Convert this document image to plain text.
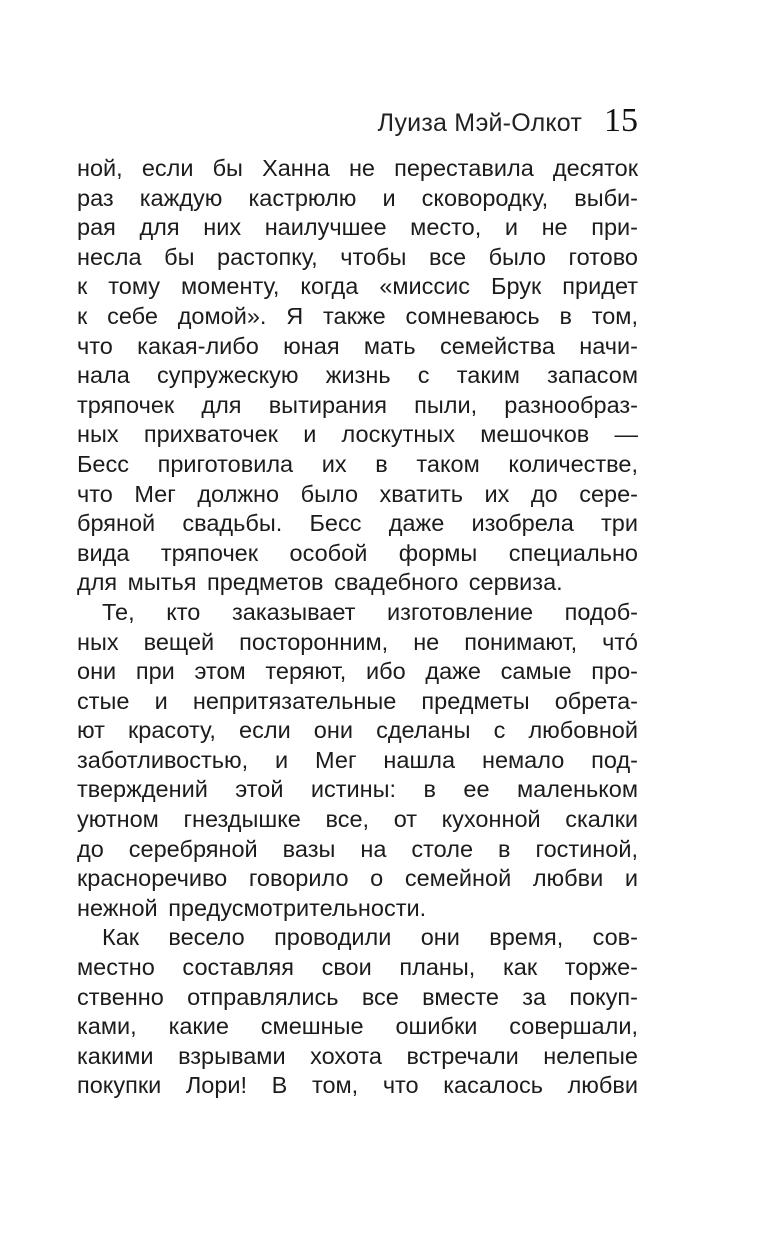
Луиза Мэй-Олкот 15
ной, если бы Ханна не переставила десяток
раз каждую кастрюлю и сковородку, выби-
рая для них наилучшее место, и не при-
несла бы растопку, чтобы все было готово
к тому моменту, когда «миссис Брук придет
к себе домой». Я также сомневаюсь в том,
что какая-либо юная мать семейства начи-
нала супружескую жизнь с таким запасом
тряпочек для вытирания пыли, разнообраз-
ных прихваточек и лоскутных мешочков —
Бесс приготовила их в таком количестве,
что Мег должно было хватить их до сере-
бряной свадьбы. Бесс даже изобрела три
вида тряпочек особой формы специально
для мытья предметов свадебного сервиза.
Те, кто заказывает изготовление подоб-
ных вещей посторонним, не понимают, что́
они при этом теряют, ибо даже самые про-
стые и непритязательные предметы обрета-
ют красоту, если они сделаны с любовной
заботливостью, и Мег нашла немало под-
тверждений этой истины: в ее маленьком
уютном гнездышке все, от кухонной скалки
до серебряной вазы на столе в гостиной,
красноречиво говорило о семейной любви и
нежной предусмотрительности.
Как весело проводили они время, сов-
местно составляя свои планы, как торже-
ственно отправлялись все вместе за покуп-
ками, какие смешные ошибки совершали,
какими взрывами хохота встречали нелепые
покупки Лори! В том, что касалось любви
